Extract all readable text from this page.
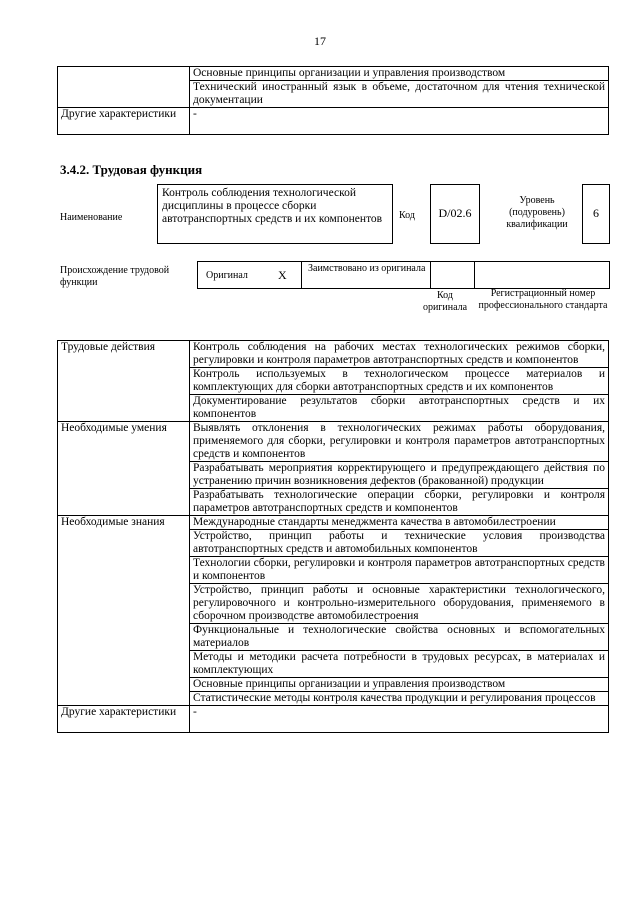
17
	Основные принципы организации и управления производством
	Технический иностранный язык в объеме, достаточном для чтения технической документации
Другие характеристики	-
3.4.2. Трудовая функция
Наименование
Контроль соблюдения технологической дисциплины в процессе сборки автотранспортных средств и их компонентов	Код	D/02.6
Уровень (подуровень) квалификации
6
Происхождение трудовой функции
Оригинал	X Заимствовано из оригинала
Код оригинала
Регистрационный номер профессионального стандарта
Трудовые действия	Контроль соблюдения на рабочих местах технологических режимов сборки, регулировки и контроля параметров автотранспортных средств и компонентов
	Контроль используемых в технологическом процессе материалов и комплектующих для сборки автотранспортных средств и их компонентов
	Документирование результатов сборки автотранспортных средств и их компонентов
Необходимые умения	Выявлять отклонения в технологических режимах работы оборудования, применяемого для сборки, регулировки и контроля параметров автотранспортных средств и компонентов
	Разрабатывать мероприятия корректирующего и предупреждающего действия по устранению причин возникновения дефектов (бракованной) продукции
	Разрабатывать технологические операции сборки, регулировки и контроля параметров автотранспортных средств и компонентов
Необходимые знания	Международные стандарты менеджмента качества в автомобилестроении
	Устройство, принцип работы и технические условия производства автотранспортных средств и автомобильных компонентов
	Технологии сборки, регулировки и контроля параметров автотранспортных средств и компонентов
	Устройство, принцип работы и основные характеристики технологического, регулировочного и контрольно-измерительного оборудования, применяемого в сборочном производстве автомобилестроения
	Функциональные и технологические свойства основных и вспомогательных материалов
	Методы и методики расчета потребности в трудовых ресурсах, в материалах и комплектующих
	Основные принципы организации и управления производством
	Статистические методы контроля качества продукции и регулирования процессов
Другие характеристики	-
